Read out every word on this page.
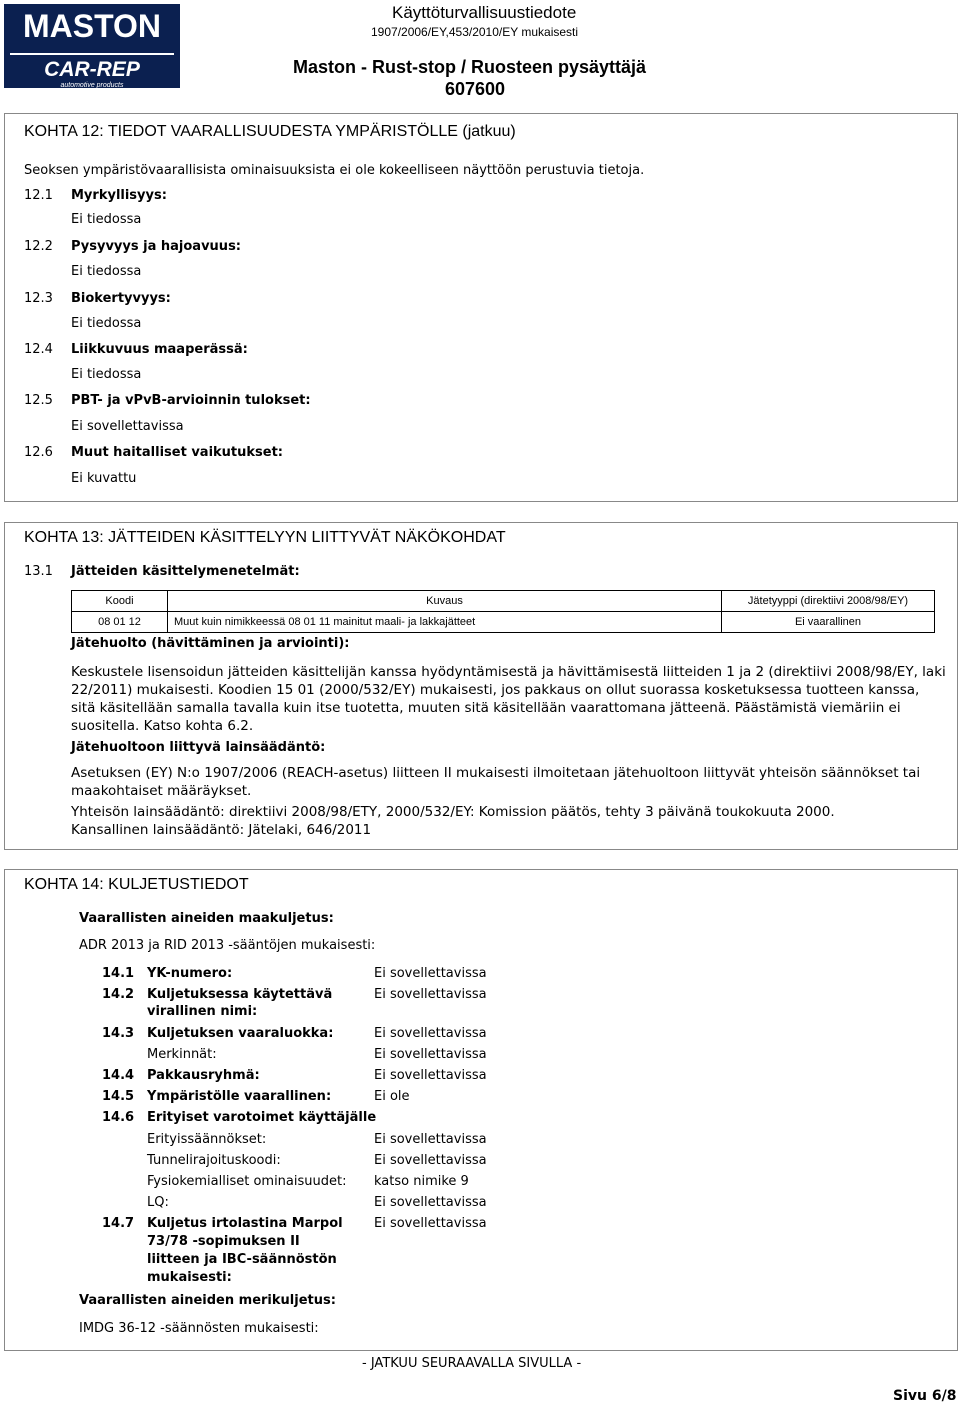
MASTON
CAR-REP
automotive products
Käyttöturvallisuustiedote
1907/2006/EY,453/2010/EY mukaisesti
Maston - Rust-stop / Ruosteen pysäyttäjä
607600
KOHTA 12: TIEDOT VAARALLISUUDESTA YMPÄRISTÖLLE (jatkuu)
Seoksen ympäristövaarallisista ominaisuuksista ei ole kokeelliseen näyttöön perustuvia tietoja.
12.1 Myrkyllisyys:
Ei tiedossa
12.2 Pysyvyys ja hajoavuus:
Ei tiedossa
12.3 Biokertyvyys:
Ei tiedossa
12.4 Liikkuvuus maaperässä:
Ei tiedossa
12.5 PBT- ja vPvB-arvioinnin tulokset:
Ei sovellettavissa
12.6 Muut haitalliset vaikutukset:
Ei kuvattu
KOHTA 13: JÄTTEIDEN KÄSITTELYYN LIITTYVÄT NÄKÖKOHDAT
13.1 Jätteiden käsittelymenetelmät:
Koodi	Kuvaus	Jätetyyppi (direktiivi 2008/98/EY)
08 01 12	Muut kuin nimikkeessä 08 01 11 mainitut maali- ja lakkajätteet	Ei vaarallinen
Jätehuolto (hävittäminen ja arviointi):
Keskustele lisensoidun jätteiden käsittelijän kanssa hyödyntämisestä ja hävittämisestä liitteiden 1 ja 2 (direktiivi 2008/98/EY, laki
22/2011) mukaisesti. Koodien 15 01 (2000/532/EY) mukaisesti, jos pakkaus on ollut suorassa kosketuksessa tuotteen kanssa,
sitä käsitellään samalla tavalla kuin itse tuotetta, muuten sitä käsitellään vaarattomana jätteenä. Päästämistä viemäriin ei
suositella. Katso kohta 6.2.
Jätehuoltoon liittyvä lainsäädäntö:
Asetuksen (EY) N:o 1907/2006 (REACH-asetus) liitteen II mukaisesti ilmoitetaan jätehuoltoon liittyvät yhteisön säännökset tai
maakohtaiset määräykset.
Yhteisön lainsäädäntö: direktiivi 2008/98/ETY, 2000/532/EY: Komission päätös, tehty 3 päivänä toukokuuta 2000.
Kansallinen lainsäädäntö: Jätelaki, 646/2011
KOHTA 14: KULJETUSTIEDOT
Vaarallisten aineiden maakuljetus:
ADR 2013 ja RID 2013 -sääntöjen mukaisesti:
14.1 YK-numero:	Ei sovellettavissa
14.2 Kuljetuksessa käytettävä
virallinen nimi:
Ei sovellettavissa
14.3 Kuljetuksen vaaraluokka:	Ei sovellettavissa
Merkinnät:	Ei sovellettavissa
14.4 Pakkausryhmä:	Ei sovellettavissa
14.5 Ympäristölle vaarallinen:	Ei ole
14.6 Erityiset varotoimet käyttäjälle
Erityissäännökset:	Ei sovellettavissa
Tunnelirajoituskoodi:	Ei sovellettavissa
Fysiokemialliset ominaisuudet: katso nimike 9
LQ:	Ei sovellettavissa
14.7 Kuljetus irtolastina Marpol
73/78 -sopimuksen II
liitteen ja IBC-säännöstön
mukaisesti:
Ei sovellettavissa
Vaarallisten aineiden merikuljetus:
IMDG 36-12 -säännösten mukaisesti:
- JATKUU SEURAAVALLA SIVULLA -
Sivu 6/8
